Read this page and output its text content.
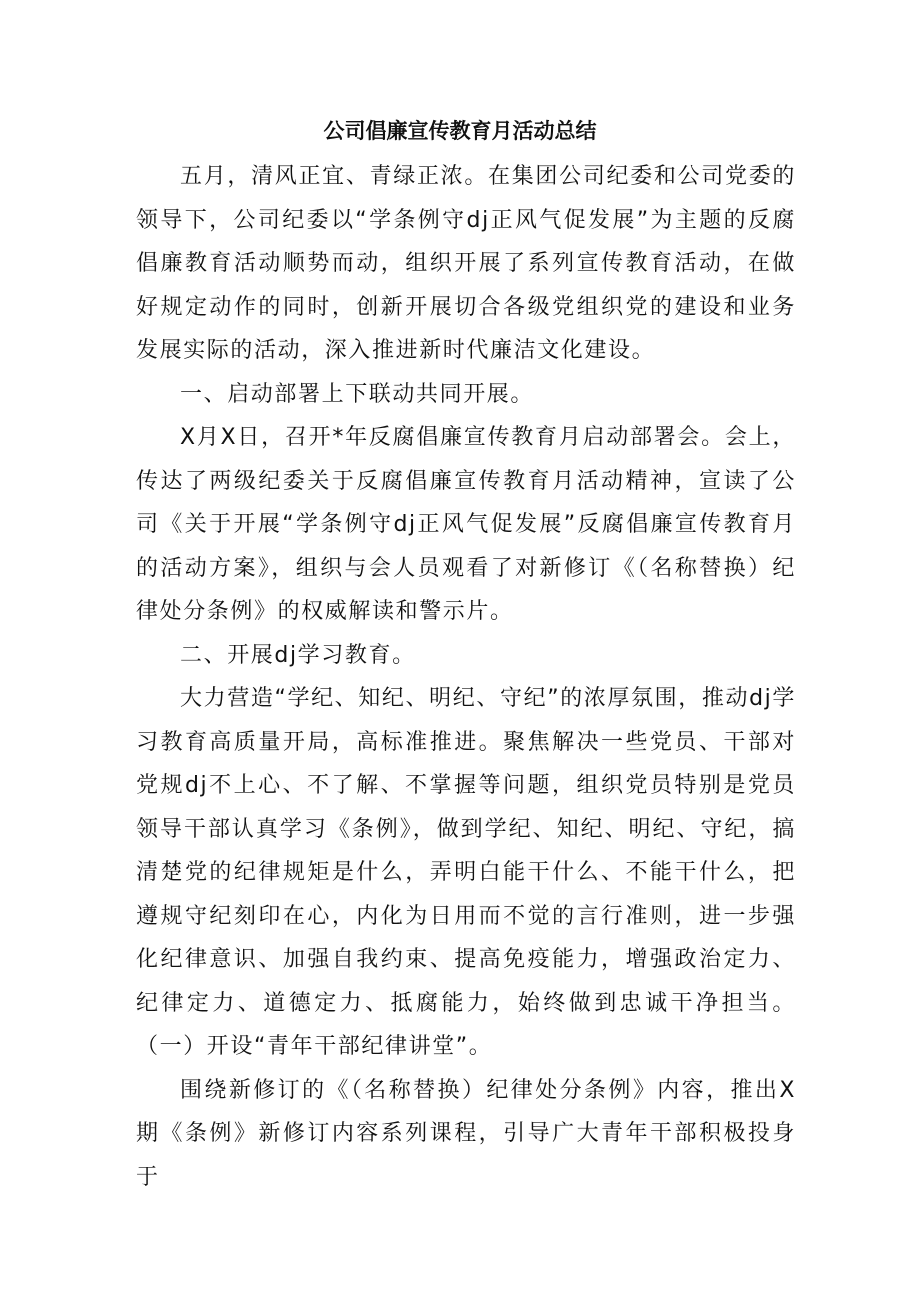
公司倡廉宣传教育月活动总结

五月，清风正宜、青绿正浓。在集团公司纪委和公司党委的领导下，公司纪委以“学条例守dj正风气促发展”为主题的反腐倡廉教育活动顺势而动，组织开展了系列宣传教育活动，在做好规定动作的同时，创新开展切合各级党组织党的建设和业务发展实际的活动，深入推进新时代廉洁文化建设。

一、启动部署上下联动共同开展。

X月X日，召开*年反腐倡廉宣传教育月启动部署会。会上，传达了两级纪委关于反腐倡廉宣传教育月活动精神，宣读了公司《关于开展“学条例守dj正风气促发展”反腐倡廉宣传教育月的活动方案》，组织与会人员观看了对新修订《（名称替换）纪律处分条例》的权威解读和警示片。

二、开展dj学习教育。

大力营造“学纪、知纪、明纪、守纪”的浓厚氛围，推动dj学习教育高质量开局，高标准推进。聚焦解决一些党员、干部对党规dj不上心、不了解、不掌握等问题，组织党员特别是党员领导干部认真学习《条例》，做到学纪、知纪、明纪、守纪，搞清楚党的纪律规矩是什么，弄明白能干什么、不能干什么，把遵规守纪刻印在心，内化为日用而不觉的言行准则，进一步强化纪律意识、加强自我约束、提高免疫能力，增强政治定力、纪律定力、道德定力、抵腐能力，始终做到忠诚干净担当。（一）开设“青年干部纪律讲堂”。

围绕新修订的《（名称替换）纪律处分条例》内容，推出X期《条例》新修订内容系列课程，引导广大青年干部积极投身于
